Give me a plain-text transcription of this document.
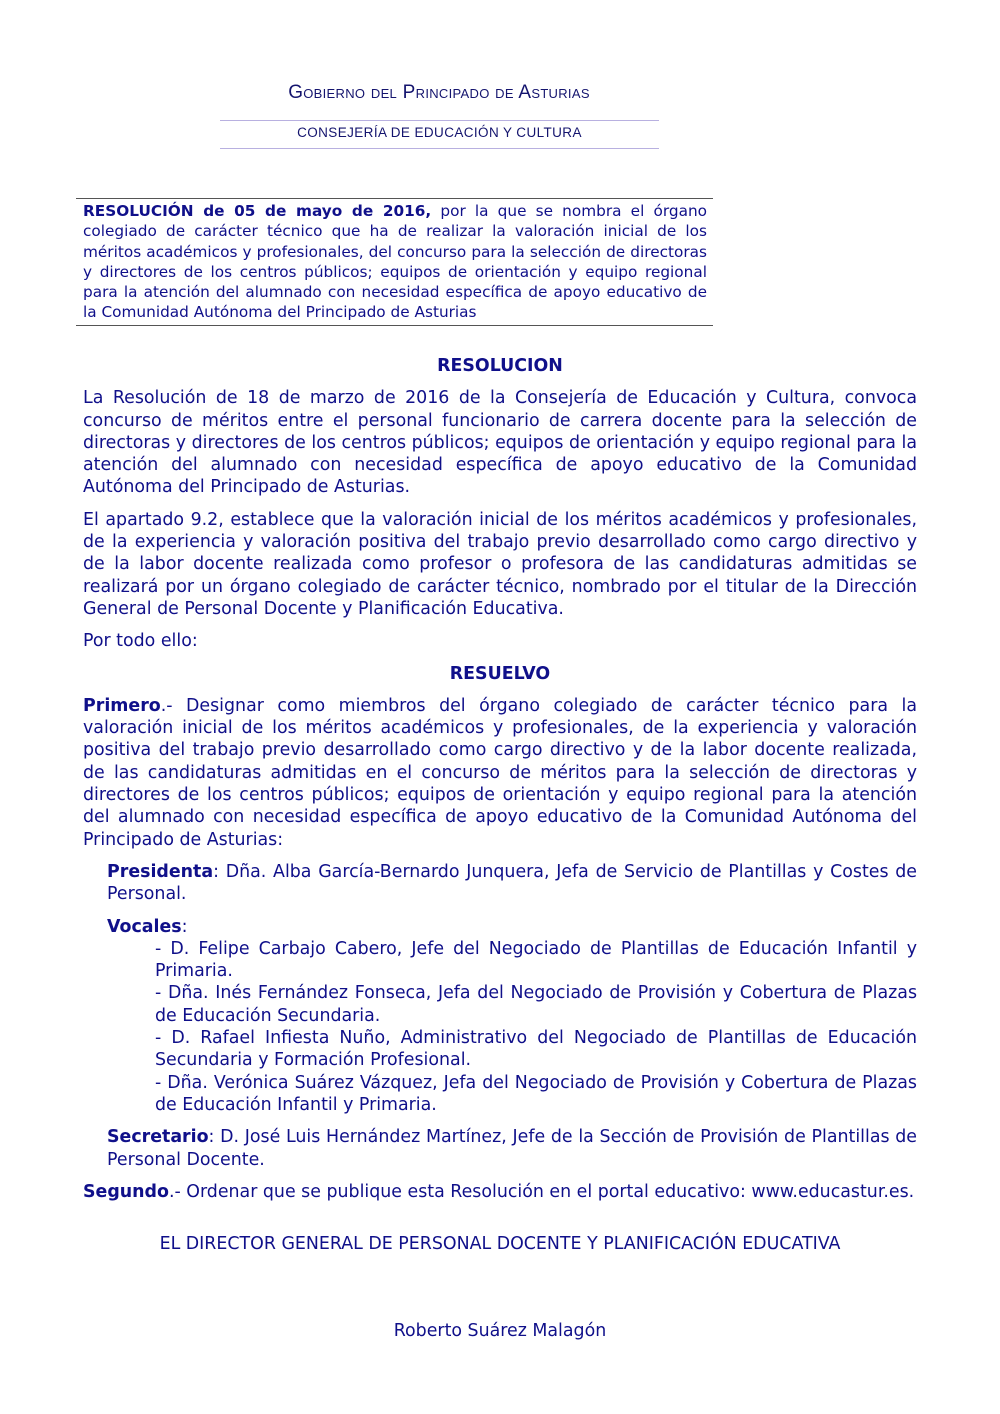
Gobierno del Principado de Asturias
CONSEJERÍA DE EDUCACIÓN Y CULTURA
RESOLUCIÓN de 05 de mayo de 2016, por la que se nombra el órgano colegiado de carácter técnico que ha de realizar la valoración inicial de los méritos académicos y profesionales, del concurso para la selección de directoras y directores de los centros públicos; equipos de orientación y equipo regional para la atención del alumnado con necesidad específica de apoyo educativo de la Comunidad Autónoma del Principado de Asturias
RESOLUCION
La Resolución de 18 de marzo de 2016 de la Consejería de Educación y Cultura, convoca concurso de méritos entre el personal funcionario de carrera docente para la selección de directoras y directores de los centros públicos; equipos de orientación y equipo regional para la atención del alumnado con necesidad específica de apoyo educativo de la Comunidad Autónoma del Principado de Asturias.
El apartado 9.2, establece que la valoración inicial de los méritos académicos y profesionales, de la experiencia y valoración positiva del trabajo previo desarrollado como cargo directivo y de la labor docente realizada como profesor o profesora de las candidaturas admitidas se realizará por un órgano colegiado de carácter técnico, nombrado por el titular de la Dirección General de Personal Docente y Planificación Educativa.
Por todo ello:
RESUELVO
Primero.- Designar como miembros del órgano colegiado de carácter técnico para la valoración inicial de los méritos académicos y profesionales, de la experiencia y valoración positiva del trabajo previo desarrollado como cargo directivo y de la labor docente realizada, de las candidaturas admitidas en el concurso de méritos para la selección de directoras y directores de los centros públicos; equipos de orientación y equipo regional para la atención del alumnado con necesidad específica de apoyo educativo de la Comunidad Autónoma del Principado de Asturias:
Presidenta: Dña. Alba García-Bernardo Junquera, Jefa de Servicio de Plantillas y Costes de Personal.
Vocales:
- D. Felipe Carbajo Cabero, Jefe del Negociado de Plantillas de Educación Infantil y Primaria.
- Dña. Inés Fernández Fonseca, Jefa del Negociado de Provisión y Cobertura de Plazas de Educación Secundaria.
- D. Rafael Infiesta Nuño, Administrativo del Negociado de Plantillas de Educación Secundaria y Formación Profesional.
- Dña. Verónica Suárez Vázquez, Jefa del Negociado de Provisión y Cobertura de Plazas de Educación Infantil y Primaria.
Secretario: D. José Luis Hernández Martínez, Jefe de la Sección de Provisión de Plantillas de Personal Docente.
Segundo.- Ordenar que se publique esta Resolución en el portal educativo: www.educastur.es.
EL DIRECTOR GENERAL DE PERSONAL DOCENTE Y PLANIFICACIÓN EDUCATIVA
Roberto Suárez Malagón
